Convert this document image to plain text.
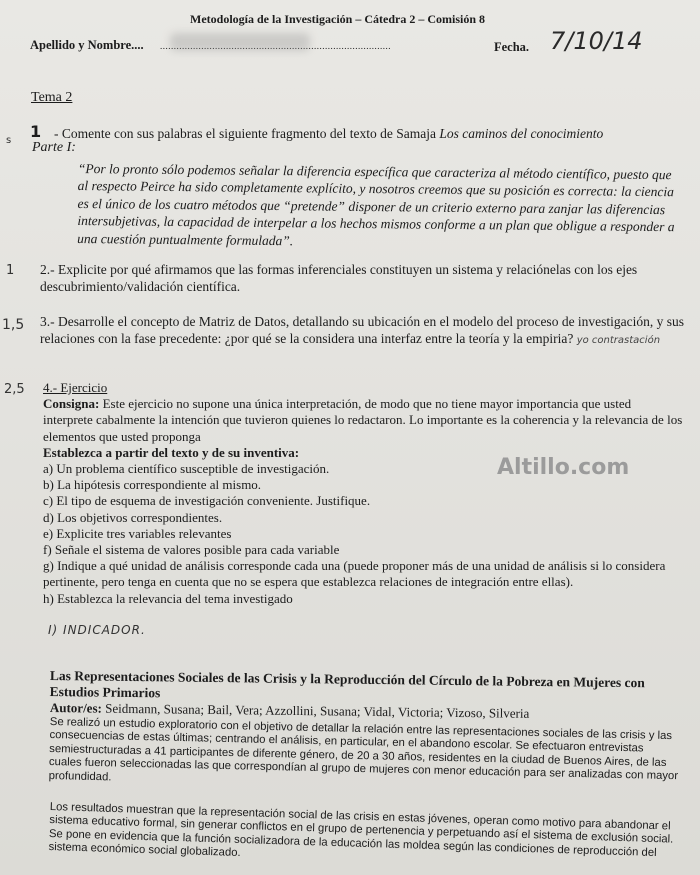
Metodología de la Investigación – Cátedra 2 – Comisión 8
Apellido y Nombre.... ....................................................................................	Fecha. 7/10/14
Tema 2
s
1
1,5
2,5
1 - Comente con sus palabras el siguiente fragmento del texto de Samaja Los caminos del conocimiento
Parte I:
“Por lo pronto sólo podemos señalar la diferencia específica que caracteriza al método científico, puesto que al respecto Peirce ha sido completamente explícito, y nosotros creemos que su posición es correcta: la ciencia es el único de los cuatro métodos que “pretende” disponer de un criterio externo para zanjar las diferencias intersubjetivas, la capacidad de interpelar a los hechos mismos conforme a un plan que obligue a responder a una cuestión puntualmente formulada”.
2.- Explicite por qué afirmamos que las formas inferenciales constituyen un sistema y relaciónelas con los ejes descubrimiento/validación científica.
3.- Desarrolle el concepto de Matriz de Datos, detallando su ubicación en el modelo del proceso de investigación, y sus relaciones con la fase precedente: ¿por qué se la considera una interfaz entre la teoría y la empiria? yo contrastación
4.- Ejercicio
Consigna: Este ejercicio no supone una única interpretación, de modo que no tiene mayor importancia que usted interprete cabalmente la intención que tuvieron quienes lo redactaron. Lo importante es la coherencia y la relevancia de los elementos que usted proponga
Establezca a partir del texto y de su inventiva:
a) Un problema científico susceptible de investigación.
b) La hipótesis correspondiente al mismo.
c) El tipo de esquema de investigación conveniente. Justifique.
d) Los objetivos correspondientes.
e) Explicite tres variables relevantes
f) Señale el sistema de valores posible para cada variable
g) Indique a qué unidad de análisis corresponde cada una (puede proponer más de una unidad de análisis si lo considera pertinente, pero tenga en cuenta que no se espera que establezca relaciones de integración entre ellas).
h) Establezca la relevancia del tema investigado
Altillo.com
I) INDICADOR.
Las Representaciones Sociales de las Crisis y la Reproducción del Círculo de la Pobreza en Mujeres con Estudios Primarios
Autor/es: Seidmann, Susana; Bail, Vera; Azzollini, Susana; Vidal, Victoria; Vizoso, Silveria
Se realizó un estudio exploratorio con el objetivo de detallar la relación entre las representaciones sociales de las crisis y las consecuencias de estas últimas; centrando el análisis, en particular, en el abandono escolar. Se efectuaron entrevistas semiestructuradas a 41 participantes de diferente género, de 20 a 30 años, residentes en la ciudad de Buenos Aires, de las cuales fueron seleccionadas las que correspondían al grupo de mujeres con menor educación para ser analizadas con mayor profundidad.
Los resultados muestran que la representación social de las crisis en estas jóvenes, operan como motivo para abandonar el sistema educativo formal, sin generar conflictos en el grupo de pertenencia y perpetuando así el sistema de exclusión social. Se pone en evidencia que la función socializadora de la educación las moldea según las condiciones de reproducción del sistema económico social globalizado.
